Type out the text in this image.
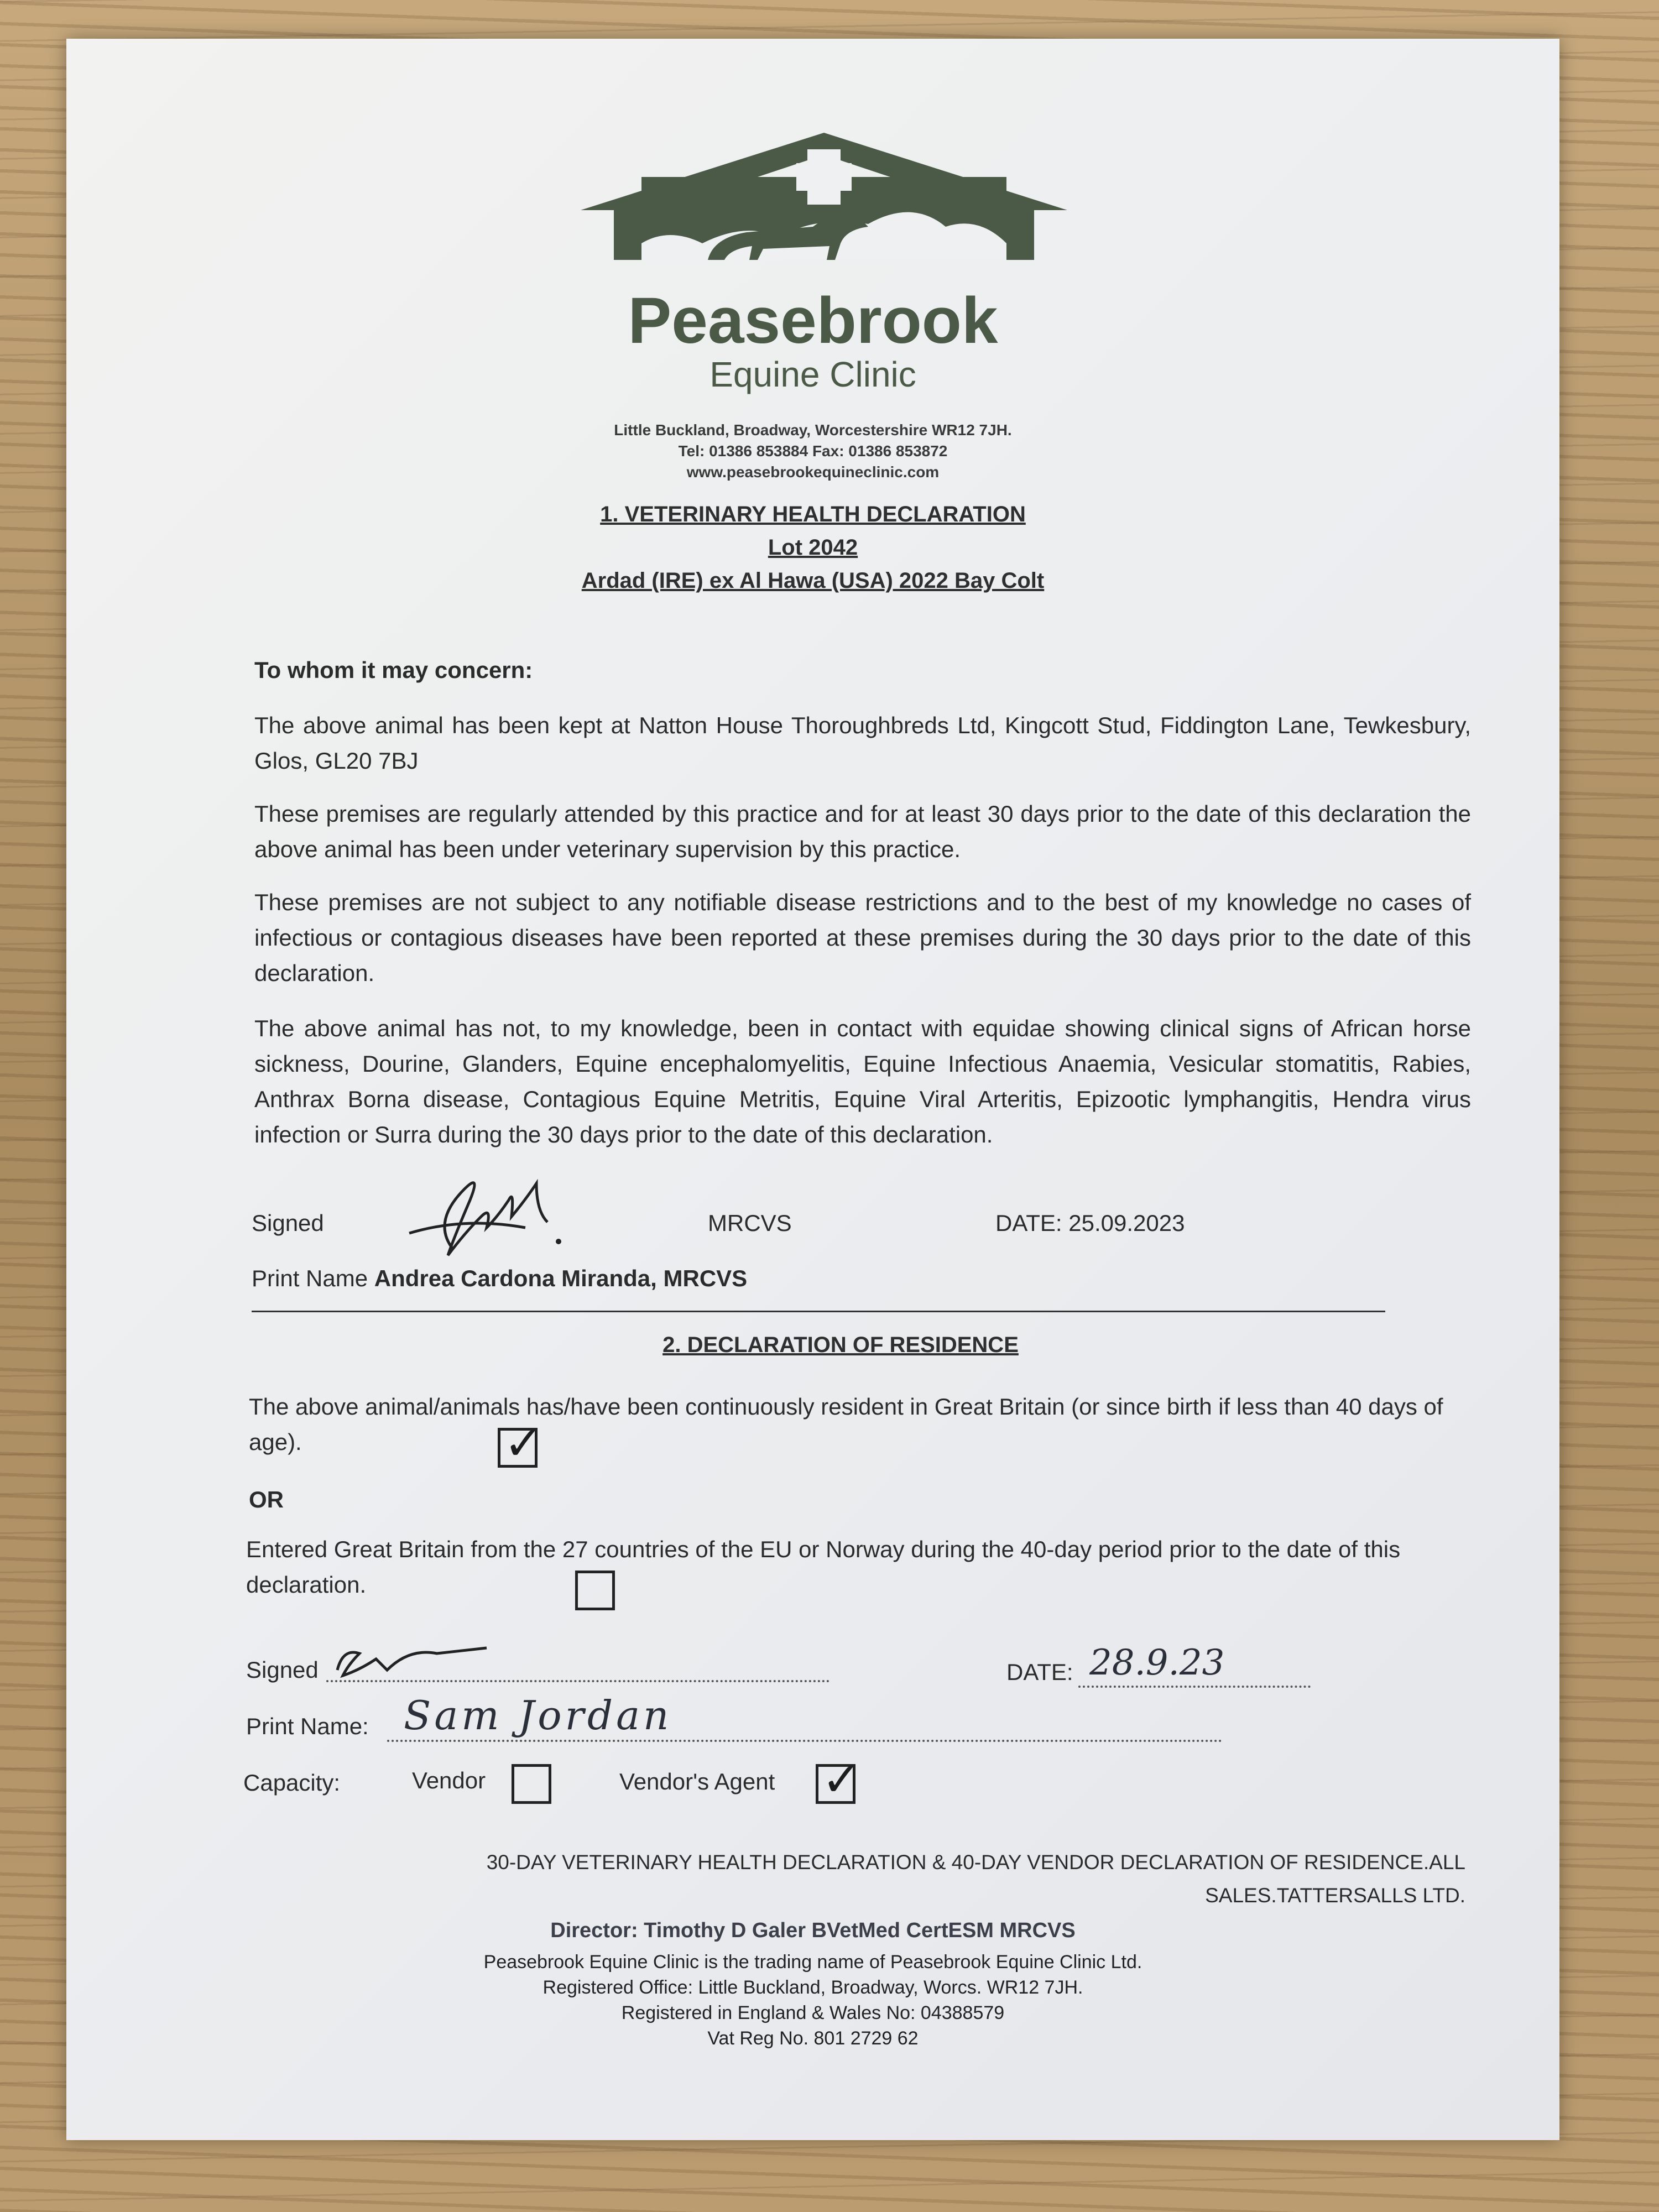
Peasebrook
Equine Clinic
Little Buckland, Broadway, Worcestershire WR12 7JH.
Tel: 01386 853884 Fax: 01386 853872
www.peasebrookequineclinic.com
1. VETERINARY HEALTH DECLARATION
Lot 2042
Ardad (IRE) ex Al Hawa (USA) 2022 Bay Colt
To whom it may concern:
The above animal has been kept at Natton House Thoroughbreds Ltd, Kingcott Stud, Fiddington Lane, Tewkesbury, Glos, GL20 7BJ
These premises are regularly attended by this practice and for at least 30 days prior to the date of this declaration the above animal has been under veterinary supervision by this practice.
These premises are not subject to any notifiable disease restrictions and to the best of my knowledge no cases of infectious or contagious diseases have been reported at these premises during the 30 days prior to the date of this declaration.
The above animal has not, to my knowledge, been in contact with equidae showing clinical signs of African horse sickness, Dourine, Glanders, Equine encephalomyelitis, Equine Infectious Anaemia, Vesicular stomatitis, Rabies, Anthrax Borna disease, Contagious Equine Metritis, Equine Viral Arteritis, Epizootic lymphangitis, Hendra virus infection or Surra during the 30 days prior to the date of this declaration.
Signed	MRCVS	DATE: 25.09.2023
Print Name Andrea Cardona Miranda, MRCVS
2. DECLARATION OF RESIDENCE
The above animal/animals has/have been continuously resident in Great Britain (or since birth if less than 40 days of age).	✓
OR
Entered Great Britain from the 27 countries of the EU or Norway during the 40-day period prior to the date of this declaration.
Signed	DATE: 28.9.23
Print Name: Sam Jordan
Capacity:	Vendor	Vendor's Agent ✓
30-DAY VETERINARY HEALTH DECLARATION & 40-DAY VENDOR DECLARATION OF RESIDENCE.ALL
SALES.TATTERSALLS LTD.
Director: Timothy D Galer BVetMed CertESM MRCVS
Peasebrook Equine Clinic is the trading name of Peasebrook Equine Clinic Ltd.
Registered Office: Little Buckland, Broadway, Worcs. WR12 7JH.
Registered in England & Wales No: 04388579
Vat Reg No. 801 2729 62
